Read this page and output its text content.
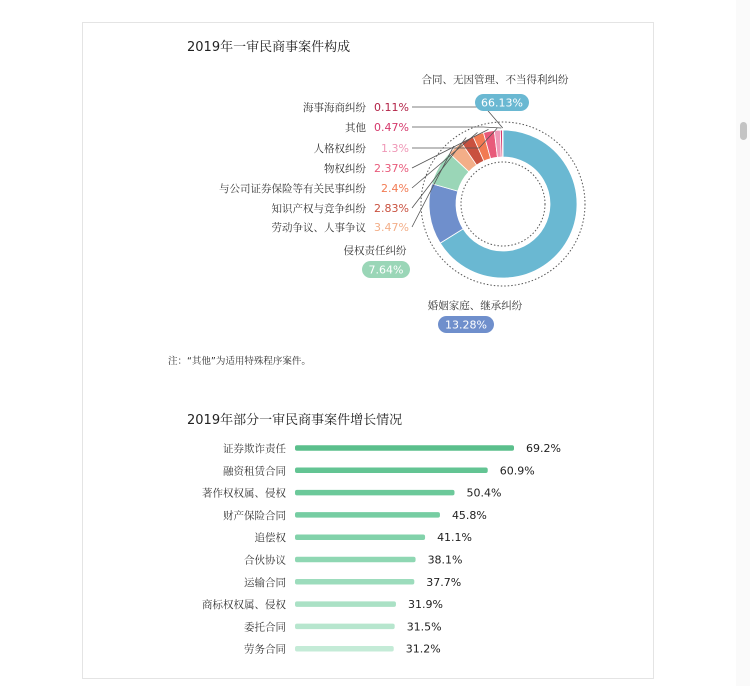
2019年一审民商事案件构成
注：“其他”为适用特殊程序案件。
2019年部分一审民商事案件增长情况
3.47%
劳动争议、人事争议
2.83%
知识产权与竞争纠纷
2.4%
与公司证券保险等有关民事纠纷
2.37%
物权纠纷
1.3%
人格权纠纷
0.47%
其他
0.11%
海事海商纠纷
合同、无因管理、不当得利纠纷
66.13%
侵权责任纠纷
7.64%
婚姻家庭、继承纠纷
13.28%
证券欺诈责任	69.2%
融资租赁合同	60.9%
著作权权属、侵权	50.4%
财产保险合同	45.8%
追偿权	41.1%
合伙协议	38.1%
运输合同	37.7%
商标权权属、侵权	31.9%
委托合同	31.5%
劳务合同	31.2%
